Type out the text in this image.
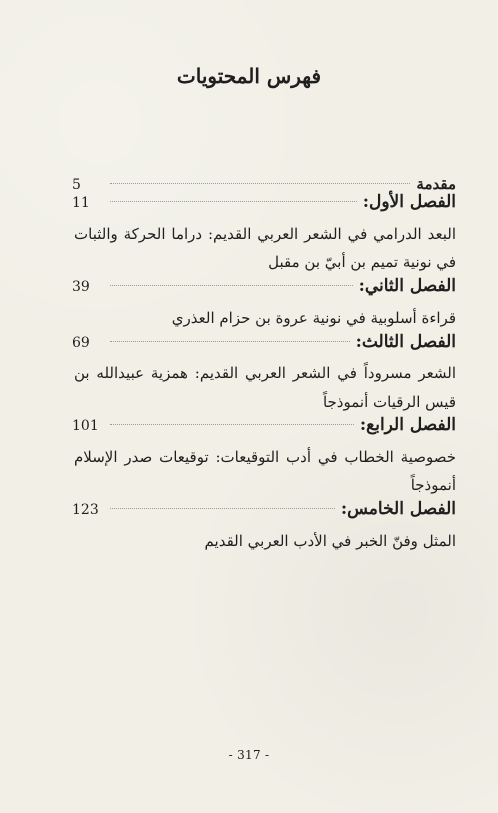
فهرس المحتويات
مقدمة
5
الفصل الأول:
11
البعد الدرامي في الشعر العربي القديم: دراما الحركة والثبات في نونية تميم بن أبيّ بن مقبل
الفصل الثاني:
39
قراءة أسلوبية في نونية عروة بن حزام العذري
الفصل الثالث:
69
الشعر مسروداً في الشعر العربي القديم: همزية عبيدالله بن قيس الرقيات أنموذجاً
الفصل الرابع:
101
خصوصية الخطاب في أدب التوقيعات: توقيعات صدر الإسلام أنموذجاً
الفصل الخامس:
123
المثل وفنّ الخبر في الأدب العربي القديم
- 317 -
